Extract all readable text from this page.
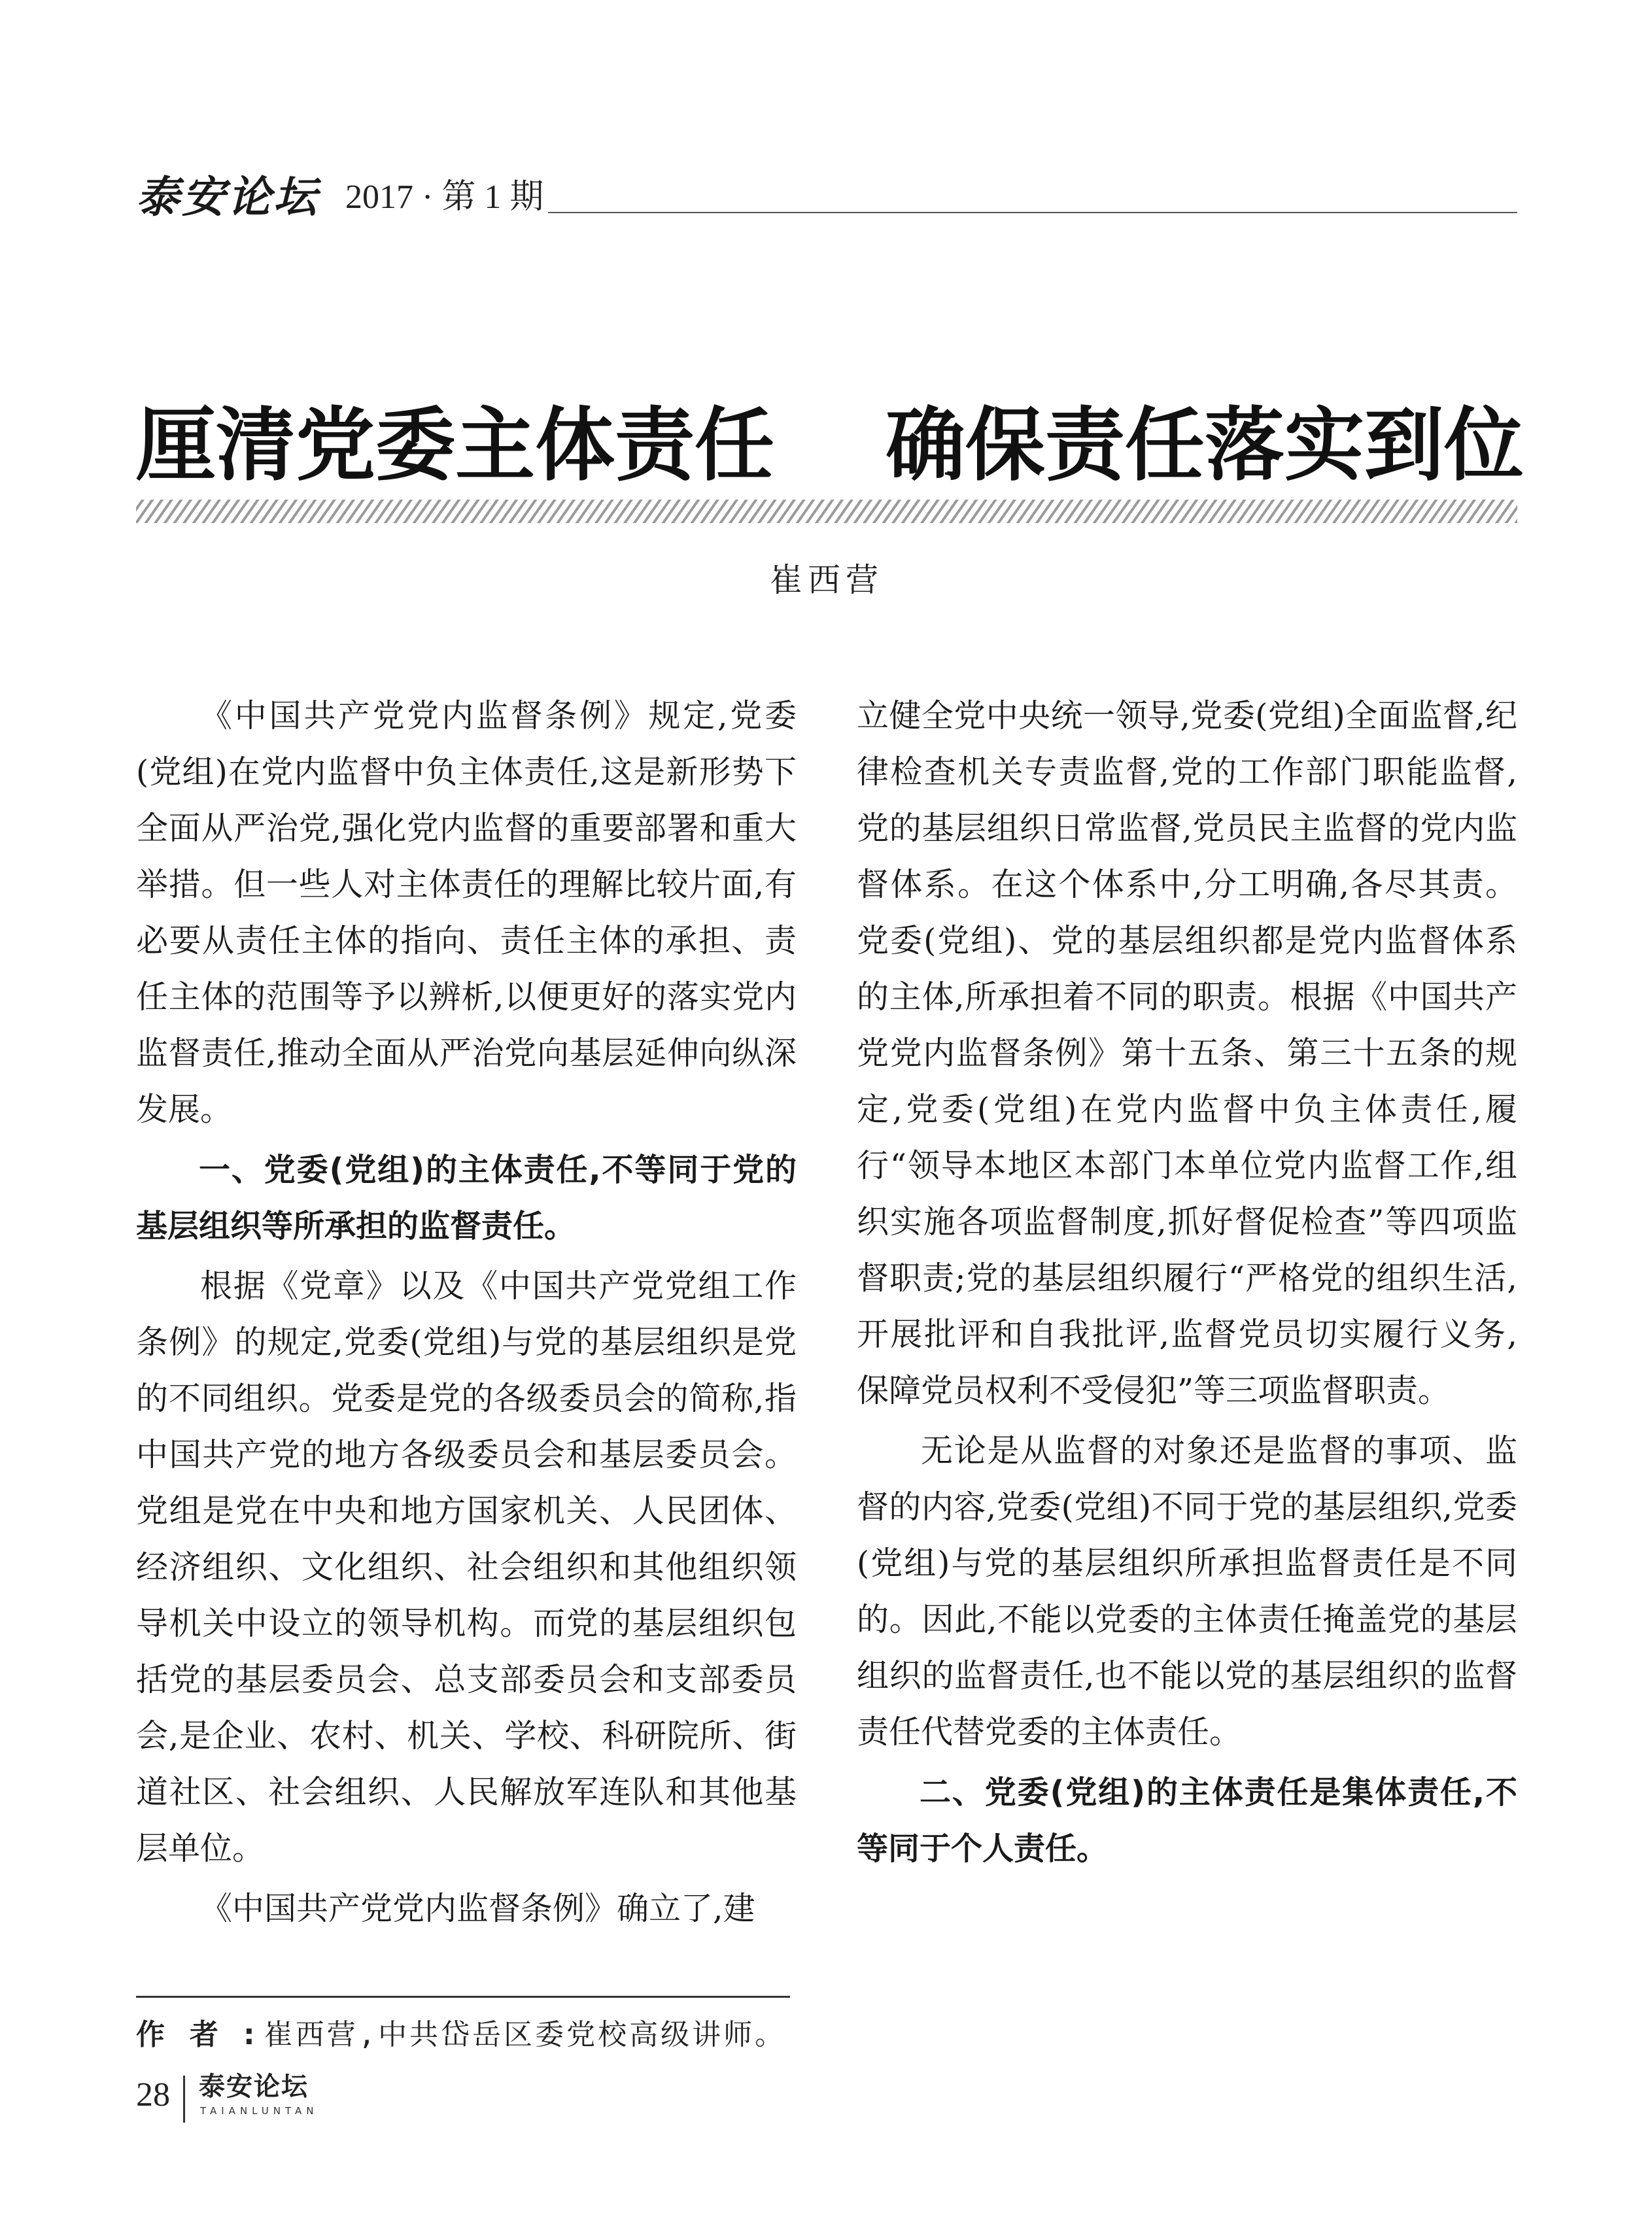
泰安论坛 2017 · 第 1 期
厘清党委主体责任    确保责任落实到位
崔西营

《中国共产党党内监督条例》规定,党委(党组)在党内监督中负主体责任,这是新形势下全面从严治党,强化党内监督的重要部署和重大举措。但一些人对主体责任的理解比较片面,有必要从责任主体的指向、责任主体的承担、责任主体的范围等予以辨析,以便更好的落实党内监督责任,推动全面从严治党向基层延伸向纵深发展。

一、党委(党组)的主体责任,不等同于党的基层组织等所承担的监督责任。

根据《党章》以及《中国共产党党组工作条例》的规定,党委(党组)与党的基层组织是党的不同组织。党委是党的各级委员会的简称,指中国共产党的地方各级委员会和基层委员会。党组是党在中央和地方国家机关、人民团体、经济组织、文化组织、社会组织和其他组织领导机关中设立的领导机构。而党的基层组织包括党的基层委员会、总支部委员会和支部委员会,是企业、农村、机关、学校、科研院所、街道社区、社会组织、人民解放军连队和其他基层单位。

《中国共产党党内监督条例》确立了,建

立健全党中央统一领导,党委(党组)全面监督,纪律检查机关专责监督,党的工作部门职能监督,党的基层组织日常监督,党员民主监督的党内监督体系。在这个体系中,分工明确,各尽其责。党委(党组)、党的基层组织都是党内监督体系的主体,所承担着不同的职责。根据《中国共产党党内监督条例》第十五条、第三十五条的规定,党委(党组)在党内监督中负主体责任,履行“领导本地区本部门本单位党内监督工作,组织实施各项监督制度,抓好督促检查”等四项监督职责;党的基层组织履行“严格党的组织生活,开展批评和自我批评,监督党员切实履行义务,保障党员权利不受侵犯”等三项监督职责。

无论是从监督的对象还是监督的事项、监督的内容,党委(党组)不同于党的基层组织,党委(党组)与党的基层组织所承担监督责任是不同的。因此,不能以党委的主体责任掩盖党的基层组织的监督责任,也不能以党的基层组织的监督责任代替党委的主体责任。

二、党委(党组)的主体责任是集体责任,不等同于个人责任。

作者:崔西营,中共岱岳区委党校高级讲师。
28 泰安论坛
TAIANLUNTAN
